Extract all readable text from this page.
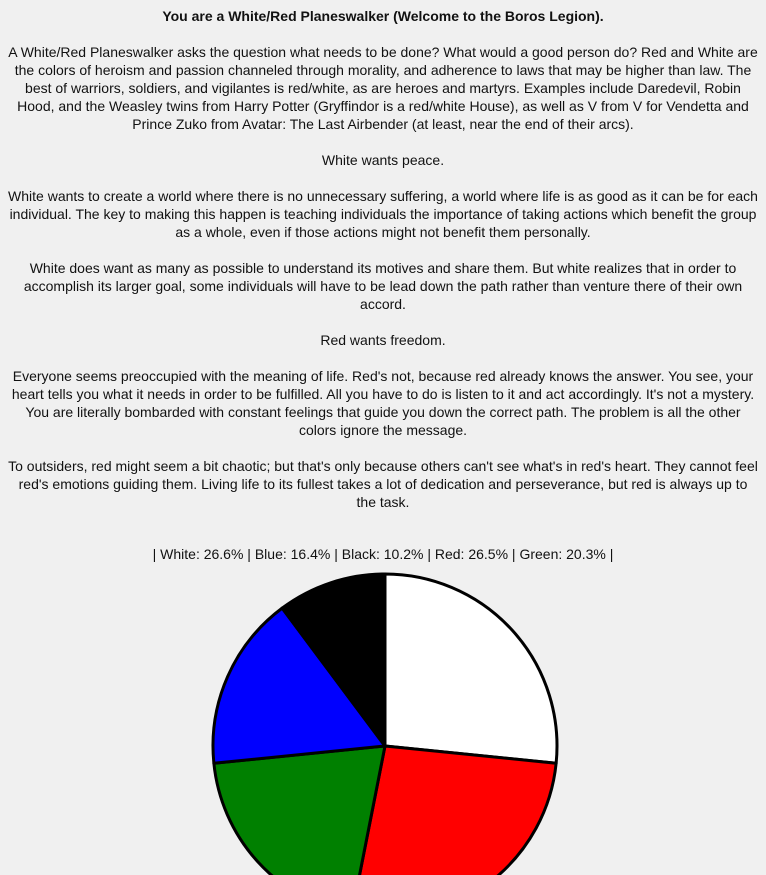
You are a White/Red Planeswalker (Welcome to the Boros Legion).

A White/Red Planeswalker asks the question what needs to be done? What would a good person do? Red and White are the colors of heroism and passion channeled through morality, and adherence to laws that may be higher than law. The best of warriors, soldiers, and vigilantes is red/white, as are heroes and martyrs. Examples include Daredevil, Robin Hood, and the Weasley twins from Harry Potter (Gryffindor is a red/white House), as well as V from V for Vendetta and Prince Zuko from Avatar: The Last Airbender (at least, near the end of their arcs).

White wants peace.

White wants to create a world where there is no unnecessary suffering, a world where life is as good as it can be for each individual. The key to making this happen is teaching individuals the importance of taking actions which benefit the group as a whole, even if those actions might not benefit them personally.

White does want as many as possible to understand its motives and share them. But white realizes that in order to accomplish its larger goal, some individuals will have to be lead down the path rather than venture there of their own accord.

Red wants freedom.

Everyone seems preoccupied with the meaning of life. Red's not, because red already knows the answer. You see, your heart tells you what it needs in order to be fulfilled. All you have to do is listen to it and act accordingly. It's not a mystery. You are literally bombarded with constant feelings that guide you down the correct path. The problem is all the other colors ignore the message.

To outsiders, red might seem a bit chaotic; but that's only because others can't see what's in red's heart. They cannot feel red's emotions guiding them. Living life to its fullest takes a lot of dedication and perseverance, but red is always up to the task.

| White: 26.6% | Blue: 16.4% | Black: 10.2% | Red: 26.5% | Green: 20.3% |
